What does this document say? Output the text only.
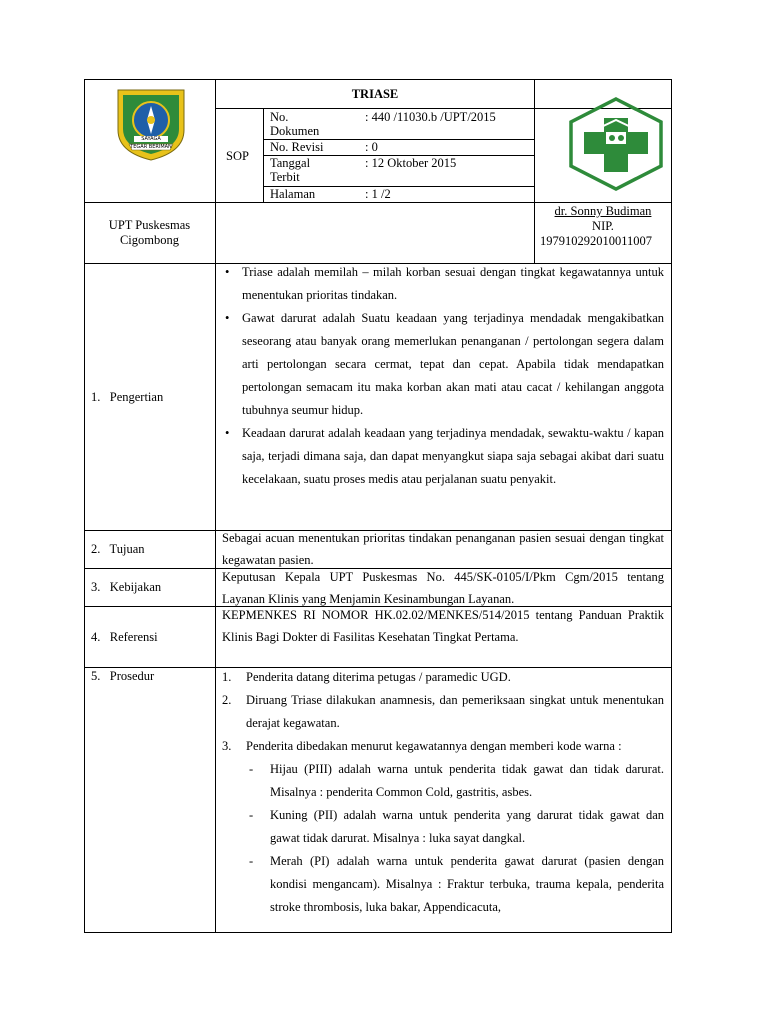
TRIASE
SOP
No.
Dokumen
: 440 /11030.b /UPT/2015
No. Revisi	: 0
Tanggal
Terbit
: 12 Oktober 2015
Halaman	: 1 /2
SAYAGA
TEGAR BERIMAN
UPT Puskesmas
Cigombong
dr. Sonny Budiman
NIP.
197910292010011007
1.   Pengertian
2.   Tujuan
3.   Kebijakan
4.   Referensi
5.   Prosedur
• Triase adalah memilah – milah korban sesuai dengan tingkat kegawatannya untuk menentukan prioritas tindakan.
• Gawat darurat adalah Suatu keadaan yang terjadinya mendadak mengakibatkan seseorang atau banyak orang memerlukan penanganan / pertolongan segera dalam arti pertolongan secara cermat, tepat dan cepat. Apabila tidak mendapatkan pertolongan semacam itu maka korban akan mati atau cacat / kehilangan anggota tubuhnya seumur hidup.
• Keadaan darurat adalah keadaan yang terjadinya mendadak, sewaktu-waktu / kapan saja, terjadi dimana saja, dan dapat menyangkut siapa saja sebagai akibat dari suatu kecelakaan, suatu proses medis atau perjalanan suatu penyakit.
Sebagai acuan menentukan prioritas tindakan penanganan pasien sesuai dengan tingkat kegawatan pasien.
Keputusan Kepala UPT Puskesmas No. 445/SK-0105/I/Pkm Cgm/2015 tentang Layanan Klinis yang Menjamin Kesinambungan Layanan.
KEPMENKES RI NOMOR HK.02.02/MENKES/514/2015 tentang Panduan Praktik Klinis Bagi Dokter di Fasilitas Kesehatan Tingkat Pertama.
1. Penderita datang diterima petugas / paramedic UGD.
2. Diruang Triase dilakukan anamnesis, dan pemeriksaan singkat untuk menentukan derajat kegawatan.
3. Penderita dibedakan menurut kegawatannya dengan memberi kode warna :
- Hijau (PIII) adalah warna untuk penderita tidak gawat dan tidak darurat. Misalnya : penderita Common Cold, gastritis, asbes.
- Kuning (PII) adalah warna untuk penderita yang darurat tidak gawat dan gawat tidak darurat. Misalnya : luka sayat dangkal.
- Merah (PI) adalah warna untuk penderita gawat darurat (pasien dengan kondisi mengancam). Misalnya : Fraktur terbuka, trauma kepala, penderita stroke thrombosis, luka bakar, Appendicacuta,
